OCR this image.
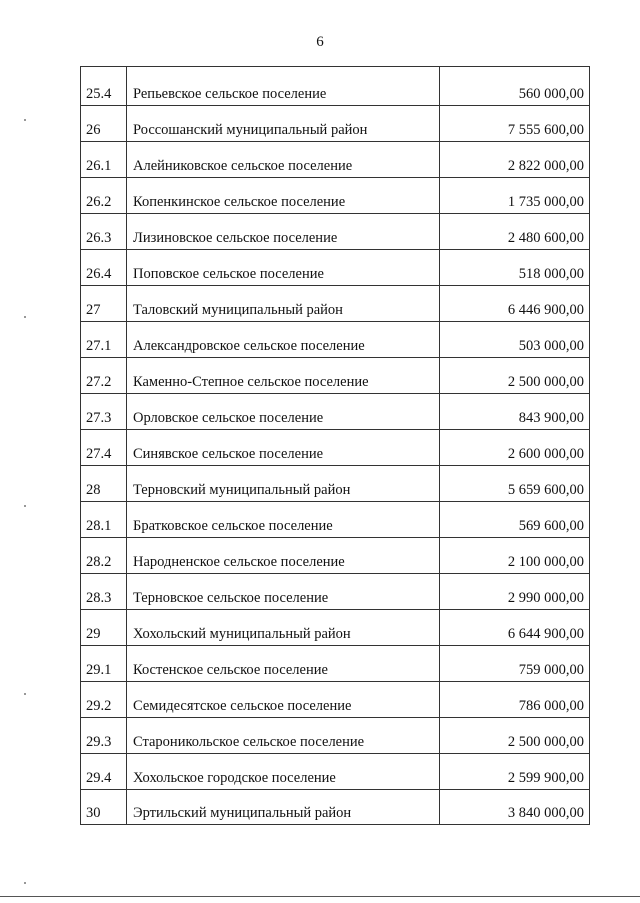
6
25.4	Репьевское сельское поселение	560 000,00
26	Россошанский муниципальный район	7 555 600,00
26.1	Алейниковское сельское поселение	2 822 000,00
26.2	Копенкинское сельское поселение	1 735 000,00
26.3	Лизиновское сельское поселение	2 480 600,00
26.4	Поповское сельское поселение	518 000,00
27	Таловский муниципальный район	6 446 900,00
27.1	Александровское сельское поселение	503 000,00
27.2	Каменно-Степное сельское поселение	2 500 000,00
27.3	Орловское сельское поселение	843 900,00
27.4	Синявское сельское поселение	2 600 000,00
28	Терновский муниципальный район	5 659 600,00
28.1	Братковское сельское поселение	569 600,00
28.2	Народненское сельское поселение	2 100 000,00
28.3	Терновское сельское поселение	2 990 000,00
29	Хохольский муниципальный район	6 644 900,00
29.1	Костенское сельское поселение	759 000,00
29.2	Семидесятское сельское поселение	786 000,00
29.3	Староникольское сельское поселение	2 500 000,00
29.4	Хохольское городское поселение	2 599 900,00
30	Эртильский муниципальный район	3 840 000,00
